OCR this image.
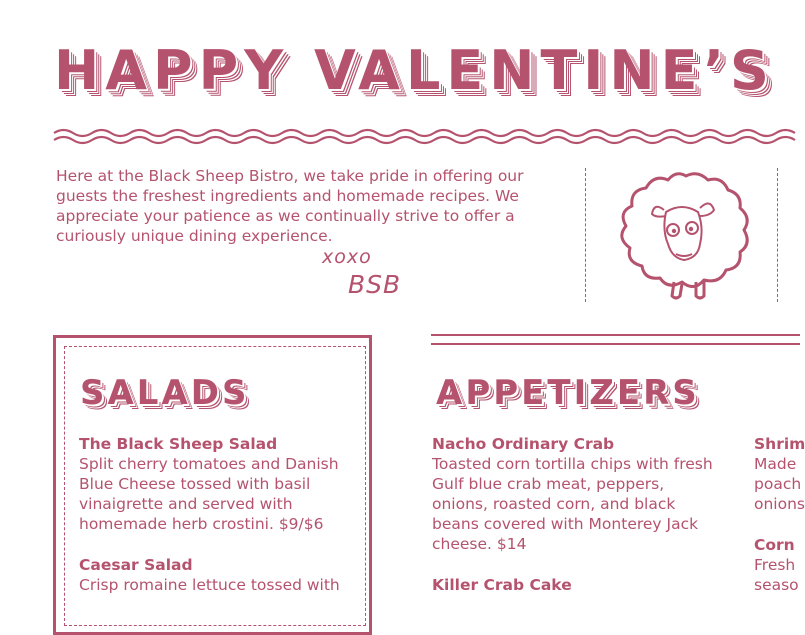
HAPPY VALENTINE’S

Here at the Black Sheep Bistro, we take pride in offering our guests the freshest ingredients and homemade recipes. We appreciate your patience as we continually strive to offer a curiously unique dining experience.

xoxo
BSB
SALADS
The Black Sheep Salad
Split cherry tomatoes and Danish Blue Cheese tossed with basil vinaigrette and served with homemade herb crostini. $9/$6
Caesar Salad
Crisp romaine lettuce tossed with
APPETIZERS
Nacho Ordinary Crab
Toasted corn tortilla chips with fresh Gulf blue crab meat, peppers, onions, roasted corn, and black beans covered with Monterey Jack cheese. $14
Killer Crab Cake
Shrim
Made poach onions
Corn
Fresh seaso
